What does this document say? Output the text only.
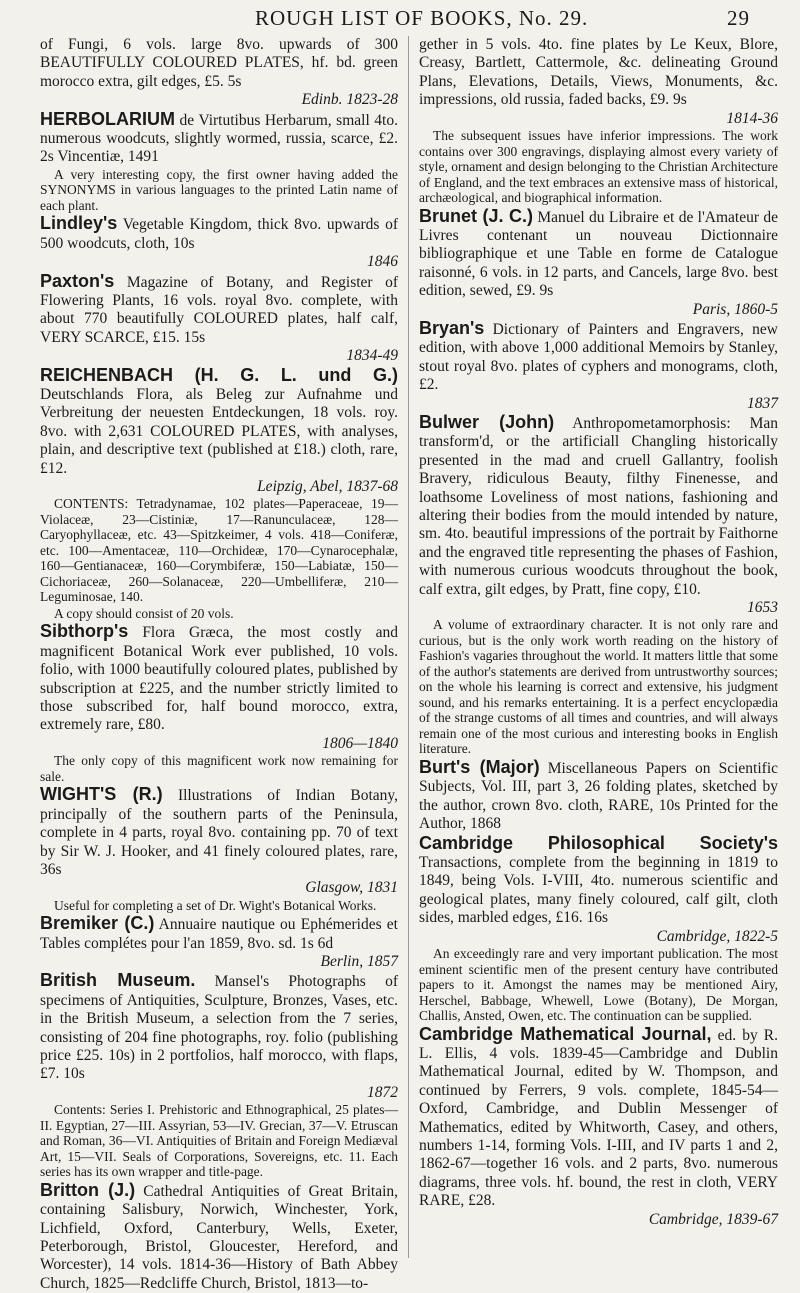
ROUGH LIST OF BOOKS, No. 29.	29

of Fungi, 6 vols. large 8vo. upwards of 300 BEAUTIFULLY COLOURED PLATES, hf. bd. green morocco extra, gilt edges, £5. 5s
Edinb. 1823-28

HERBOLARIUM de Virtutibus Herbarum, small 4to. numerous woodcuts, slightly wormed, russia, scarce, £2. 2s Vincentiæ, 1491

A very interesting copy, the first owner having added the SYNONYMS in various languages to the printed Latin name of each plant.

Lindley's Vegetable Kingdom, thick 8vo. upwards of 500 woodcuts, cloth, 10s
1846

Paxton's Magazine of Botany, and Register of Flowering Plants, 16 vols. royal 8vo. complete, with about 770 beautifully COLOURED plates, half calf, VERY SCARCE, £15. 15s
1834-49

REICHENBACH (H. G. L. und G.) Deutschlands Flora, als Beleg zur Aufnahme und Verbreitung der neuesten Entdeckungen, 18 vols. roy. 8vo. with 2,631 COLOURED PLATES, with analyses, plain, and descriptive text (published at £18.) cloth, rare, £12.
Leipzig, Abel, 1837-68

CONTENTS: Tetradynamae, 102 plates—Paperaceae, 19—Violaceæ, 23—Cistiniæ, 17—Ranunculaceæ, 128—Caryophyllaceæ, etc. 43—Spitzkeimer, 4 vols. 418—Coniferæ, etc. 100—Amentaceæ, 110—Orchideæ, 170—Cynarocephalæ, 160—Gentianaceæ, 160—Corymbiferæ, 150—Labiatæ, 150—Cichoriaceæ, 260—Solanaceæ, 220—Umbelliferæ, 210—Leguminosae, 140.

A copy should consist of 20 vols.

Sibthorp's Flora Græca, the most costly and magnificent Botanical Work ever published, 10 vols. folio, with 1000 beautifully coloured plates, published by subscription at £225, and the number strictly limited to those subscribed for, half bound morocco, extra, extremely rare, £80.
1806—1840

The only copy of this magnificent work now remaining for sale.

WIGHT'S (R.) Illustrations of Indian Botany, principally of the southern parts of the Peninsula, complete in 4 parts, royal 8vo. containing pp. 70 of text by Sir W. J. Hooker, and 41 finely coloured plates, rare, 36s
Glasgow, 1831

Useful for completing a set of Dr. Wight's Botanical Works.

Bremiker (C.) Annuaire nautique ou Ephémerides et Tables complétes pour l'an 1859, 8vo. sd. 1s 6d
Berlin, 1857

British Museum. Mansel's Photographs of specimens of Antiquities, Sculpture, Bronzes, Vases, etc. in the British Museum, a selection from the 7 series, consisting of 204 fine photographs, roy. folio (publishing price £25. 10s) in 2 portfolios, half morocco, with flaps, £7. 10s
1872

Contents: Series I. Prehistoric and Ethnographical, 25 plates—II. Egyptian, 27—III. Assyrian, 53—IV. Grecian, 37—V. Etruscan and Roman, 36—VI. Antiquities of Britain and Foreign Mediæval Art, 15—VII. Seals of Corporations, Sovereigns, etc. 11. Each series has its own wrapper and title-page.

Britton (J.) Cathedral Antiquities of Great Britain, containing Salisbury, Norwich, Winchester, York, Lichfield, Oxford, Canterbury, Wells, Exeter, Peterborough, Bristol, Gloucester, Hereford, and Worcester), 14 vols. 1814-36—History of Bath Abbey Church, 1825—Redcliffe Church, Bristol, 1813—to-

gether in 5 vols. 4to. fine plates by Le Keux, Blore, Creasy, Bartlett, Cattermole, &c. delineating Ground Plans, Elevations, Details, Views, Monuments, &c. impressions, old russia, faded backs, £9. 9s
1814-36

The subsequent issues have inferior impressions. The work contains over 300 engravings, displaying almost every variety of style, ornament and design belonging to the Christian Architecture of England, and the text embraces an extensive mass of historical, archæological, and biographical information.

Brunet (J. C.) Manuel du Libraire et de l'Amateur de Livres contenant un nouveau Dictionnaire bibliographique et une Table en forme de Catalogue raisonné, 6 vols. in 12 parts, and Cancels, large 8vo. best edition, sewed, £9. 9s
Paris, 1860-5

Bryan's Dictionary of Painters and Engravers, new edition, with above 1,000 additional Memoirs by Stanley, stout royal 8vo. plates of cyphers and monograms, cloth, £2.
1837

Bulwer (John) Anthropometamorphosis: Man transform'd, or the artificiall Changling historically presented in the mad and cruell Gallantry, foolish Bravery, ridiculous Beauty, filthy Finenesse, and loathsome Loveliness of most nations, fashioning and altering their bodies from the mould intended by nature, sm. 4to. beautiful impressions of the portrait by Faithorne and the engraved title representing the phases of Fashion, with numerous curious woodcuts throughout the book, calf extra, gilt edges, by Pratt, fine copy, £10.
1653

A volume of extraordinary character. It is not only rare and curious, but is the only work worth reading on the history of Fashion's vagaries throughout the world. It matters little that some of the author's statements are derived from untrustworthy sources; on the whole his learning is correct and extensive, his judgment sound, and his remarks entertaining. It is a perfect encyclopædia of the strange customs of all times and countries, and will always remain one of the most curious and interesting books in English literature.

Burt's (Major) Miscellaneous Papers on Scientific Subjects, Vol. III, part 3, 26 folding plates, sketched by the author, crown 8vo. cloth, RARE, 10s Printed for the Author, 1868

Cambridge Philosophical Society's Transactions, complete from the beginning in 1819 to 1849, being Vols. I-VIII, 4to. numerous scientific and geological plates, many finely coloured, calf gilt, cloth sides, marbled edges, £16. 16s
Cambridge, 1822-5

An exceedingly rare and very important publication. The most eminent scientific men of the present century have contributed papers to it. Amongst the names may be mentioned Airy, Herschel, Babbage, Whewell, Lowe (Botany), De Morgan, Challis, Ansted, Owen, etc. The continuation can be supplied.

Cambridge Mathematical Journal, ed. by R. L. Ellis, 4 vols. 1839-45—Cambridge and Dublin Mathematical Journal, edited by W. Thompson, and continued by Ferrers, 9 vols. complete, 1845-54—Oxford, Cambridge, and Dublin Messenger of Mathematics, edited by Whitworth, Casey, and others, numbers 1-14, forming Vols. I-III, and IV parts 1 and 2, 1862-67—together 16 vols. and 2 parts, 8vo. numerous diagrams, three vols. hf. bound, the rest in cloth, VERY RARE, £28.
Cambridge, 1839-67
